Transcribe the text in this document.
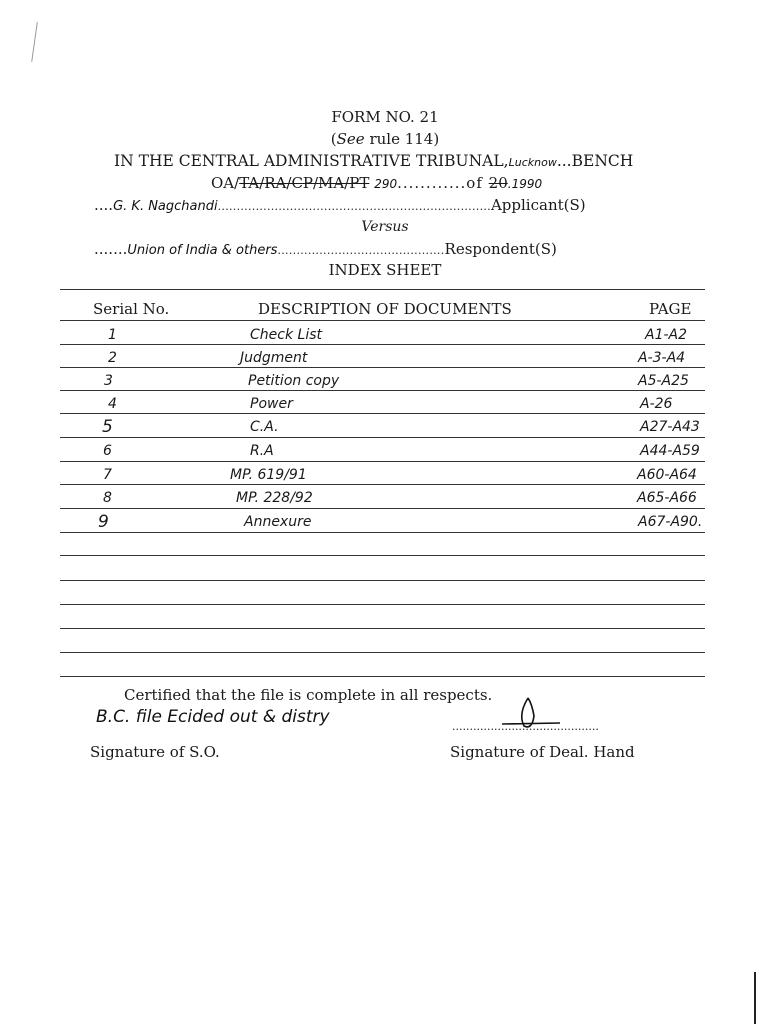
FORM NO. 21
(See rule 114)
IN THE CENTRAL ADMINISTRATIVE TRIBUNAL,Lucknow...BENCH
OA/TA/RA/CP/MA/PT 290............of 20.1990
....G. K. Nagchandi........................................................................Applicant(S)
Versus
.......Union of India & others............................................Respondent(S)
INDEX SHEET
Serial No.	DESCRIPTION OF DOCUMENTS	PAGE
1	Check List	A1-A2
2	Judgment	A-3-A4
3	Petition copy	A5-A25
4	Power	A-26
5	C.A.	A27-A43
6	R.A	A44-A59
7	MP. 619/91	A60-A64
8	MP. 228/92	A65-A66
9	Annexure	A67-A90.
Certified that the file is complete in all respects.
B.C. file Ecided out & distry	..........................................
Signature of S.O.	Signature of Deal. Hand
